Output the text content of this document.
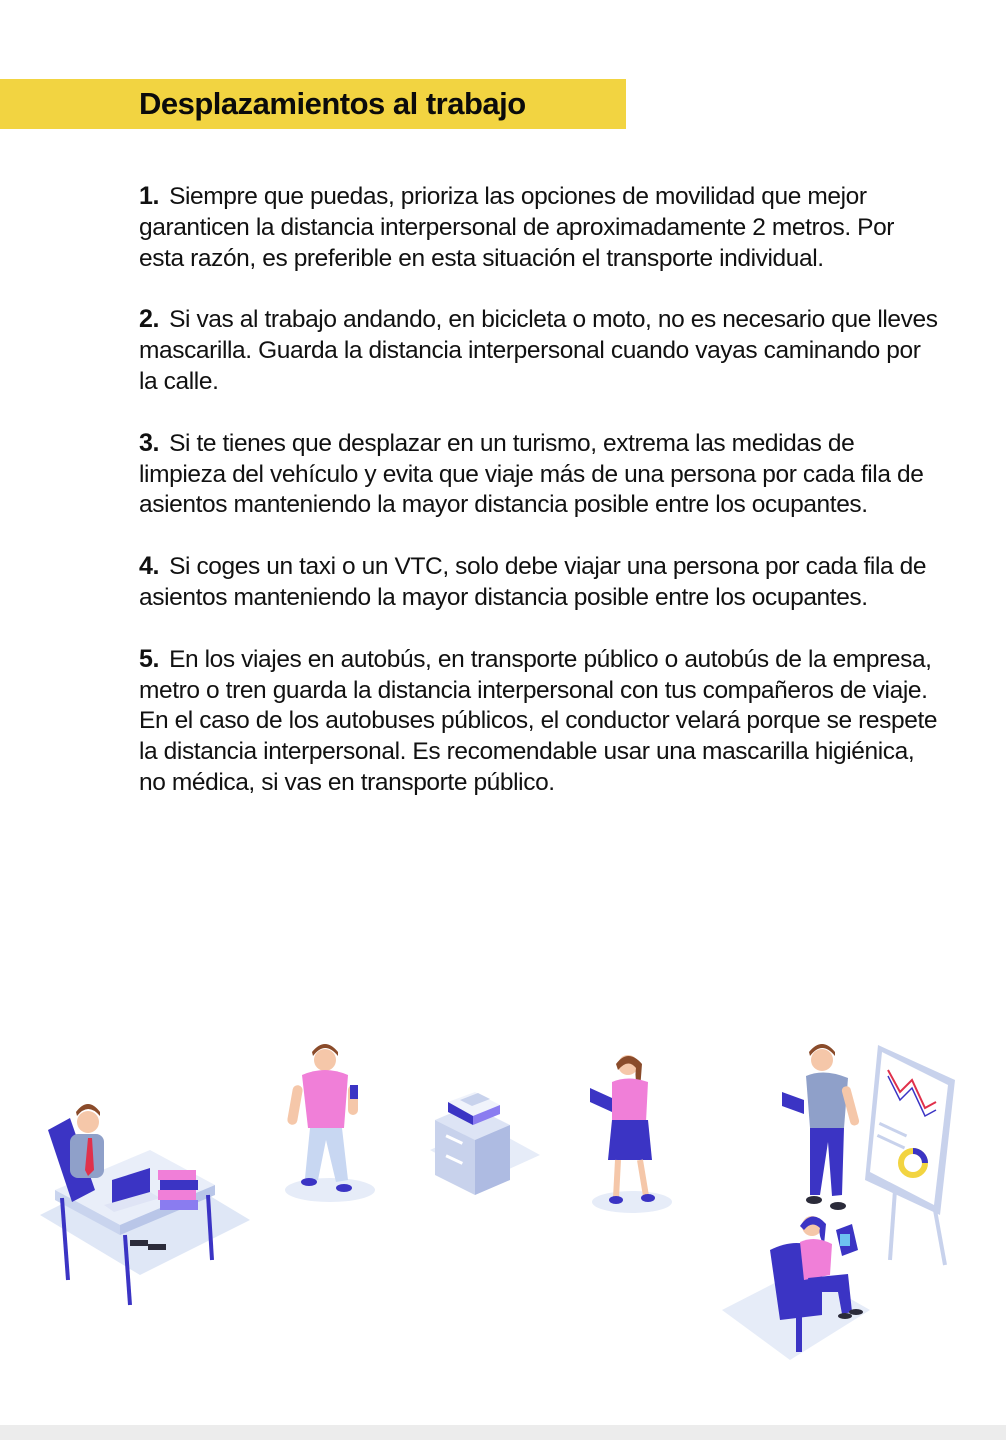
Desplazamientos al trabajo

1. Siempre que puedas, prioriza las opciones de movilidad que mejor garanticen la distancia interpersonal de aproximadamente 2 metros. Por esta razón, es preferible en esta situación el transporte individual.

2. Si vas al trabajo andando, en bicicleta o moto, no es necesario que lleves mascarilla. Guarda la distancia interpersonal cuando vayas caminando por la calle.

3. Si te tienes que desplazar en un turismo, extrema las medidas de limpieza del vehículo y evita que viaje más de una persona por cada fila de asientos manteniendo la mayor distancia posible entre los ocupantes.

4. Si coges un taxi o un VTC, solo debe viajar una persona por cada fila de asientos manteniendo la mayor distancia posible entre los ocupantes.

5. En los viajes en autobús, en transporte público o autobús de la empresa, metro o tren guarda la distancia interpersonal con tus compañeros de viaje. En el caso de los autobuses públicos, el conductor velará porque se respete la distancia interpersonal. Es recomendable usar una mascarilla higiénica, no médica, si vas en transporte público.
